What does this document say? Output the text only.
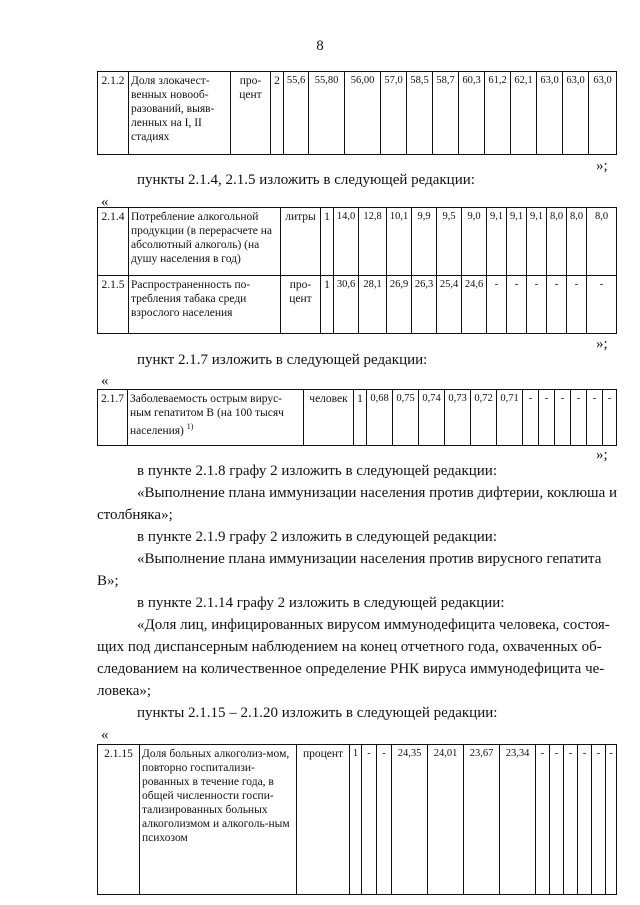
8
2.1.2	Доля злокачест-венных новооб-разований, выяв-ленных на I, II стадиях	про-цент	2	55,6	55,80	56,00	57,0	58,5	58,7	60,3	61,2	62,1	63,0	63,0	63,0
»;
пункты 2.1.4, 2.1.5 изложить в следующей редакции:
«
2.1.4	Потребление алкогольной продукции (в перерасчете на абсолютный алкоголь) (на душу населения в год)	литры	1	14,0	12,8	10,1	9,9	9,5	9,0	9,1	9,1	9,1	8,0	8,0	8,0
2.1.5	Распространенность по-требления табака среди взрослого населения	про-цент	1	30,6	28,1	26,9	26,3	25,4	24,6	-	-	-	-	-	-
»;
пункт 2.1.7 изложить в следующей редакции:
«
2.1.7	Заболеваемость острым вирус-ным гепатитом В (на 100 тысяч населения) $^{1)}$	человек	1	0,68	0,75	0,74	0,73	0,72	0,71	-	-	-	-	-	-
»;
в пункте 2.1.8 графу 2 изложить в следующей редакции:
«Выполнение плана иммунизации населения против дифтерии, коклюша и
столбняка»;
в пункте 2.1.9 графу 2 изложить в следующей редакции:
«Выполнение плана иммунизации населения против вирусного гепатита
В»;
в пункте 2.1.14 графу 2 изложить в следующей редакции:
«Доля лиц, инфицированных вирусом иммунодефицита человека, состоя-
щих под диспансерным наблюдением на конец отчетного года, охваченных об-
следованием на количественное определение РНК вируса иммунодефицита че-
ловека»;
пункты 2.1.15 – 2.1.20 изложить в следующей редакции:
«
2.1.15	Доля больных алкоголиз-мом, повторно госпитализи-рованных в течение года, в общей численности госпи-тализированных больных алкоголизмом и алкоголь-ным психозом	процент	1	-	-	24,35	24,01	23,67	23,34	-	-	-	-	-	-
